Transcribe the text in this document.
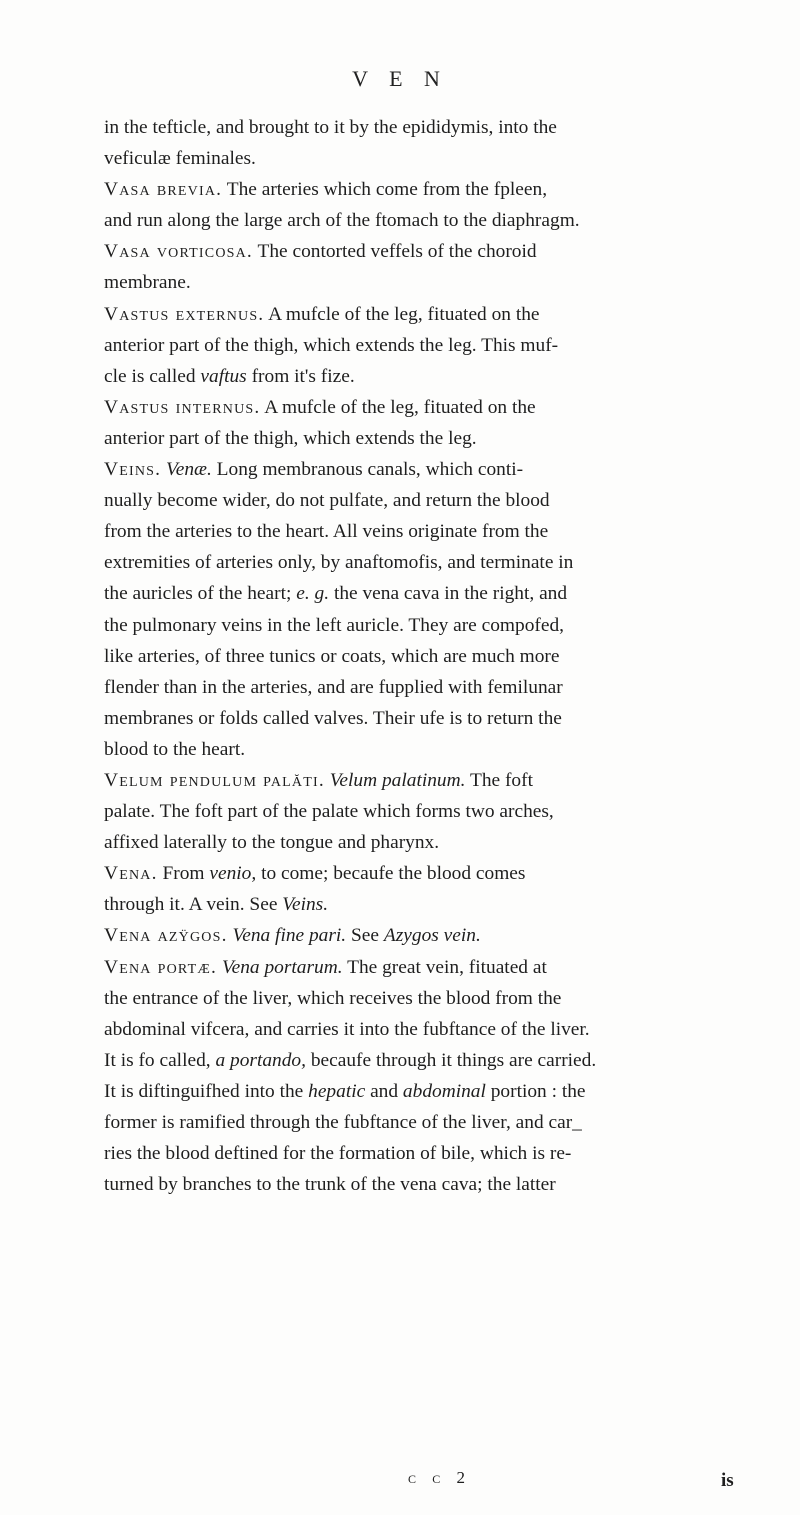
V E N

in the tefticle, and brought to it by the epididymis, into the
veficulæ feminales.

Vasa brevia. The arteries which come from the fpleen,
and run along the large arch of the ftomach to the diaphragm.

Vasa vorticosa. The contorted veffels of the choroid
membrane.

Vastus externus. A mufcle of the leg, fituated on the
anterior part of the thigh, which extends the leg. This muf-
cle is called vaftus from it's fize.

Vastus internus. A mufcle of the leg, fituated on the
anterior part of the thigh, which extends the leg.

Veins. Venæ. Long membranous canals, which conti-
nually become wider, do not pulfate, and return the blood
from the arteries to the heart. All veins originate from the
extremities of arteries only, by anaftomofis, and terminate in
the auricles of the heart; e. g. the vena cava in the right, and
the pulmonary veins in the left auricle. They are compofed,
like arteries, of three tunics or coats, which are much more
flender than in the arteries, and are fupplied with femilunar
membranes or folds called valves. Their ufe is to return the
blood to the heart.

Velum pendulum palăti. Velum palatinum. The foft
palate. The foft part of the palate which forms two arches,
affixed laterally to the tongue and pharynx.

Vena. From venio, to come; becaufe the blood comes
through it. A vein. See Veins.

Vena azÿgos. Vena fine pari. See Azygos vein.

Vena portæ. Vena portarum. The great vein, fituated at
the entrance of the liver, which receives the blood from the
abdominal vifcera, and carries it into the fubftance of the liver.
It is fo called, a portando, becaufe through it things are carried.
It is diftinguifhed into the hepatic and abdominal portion : the
former is ramified through the fubftance of the liver, and car_
ries the blood deftined for the formation of bile, which is re-
turned by branches to the trunk of the vena cava; the latter

c c 2	is
